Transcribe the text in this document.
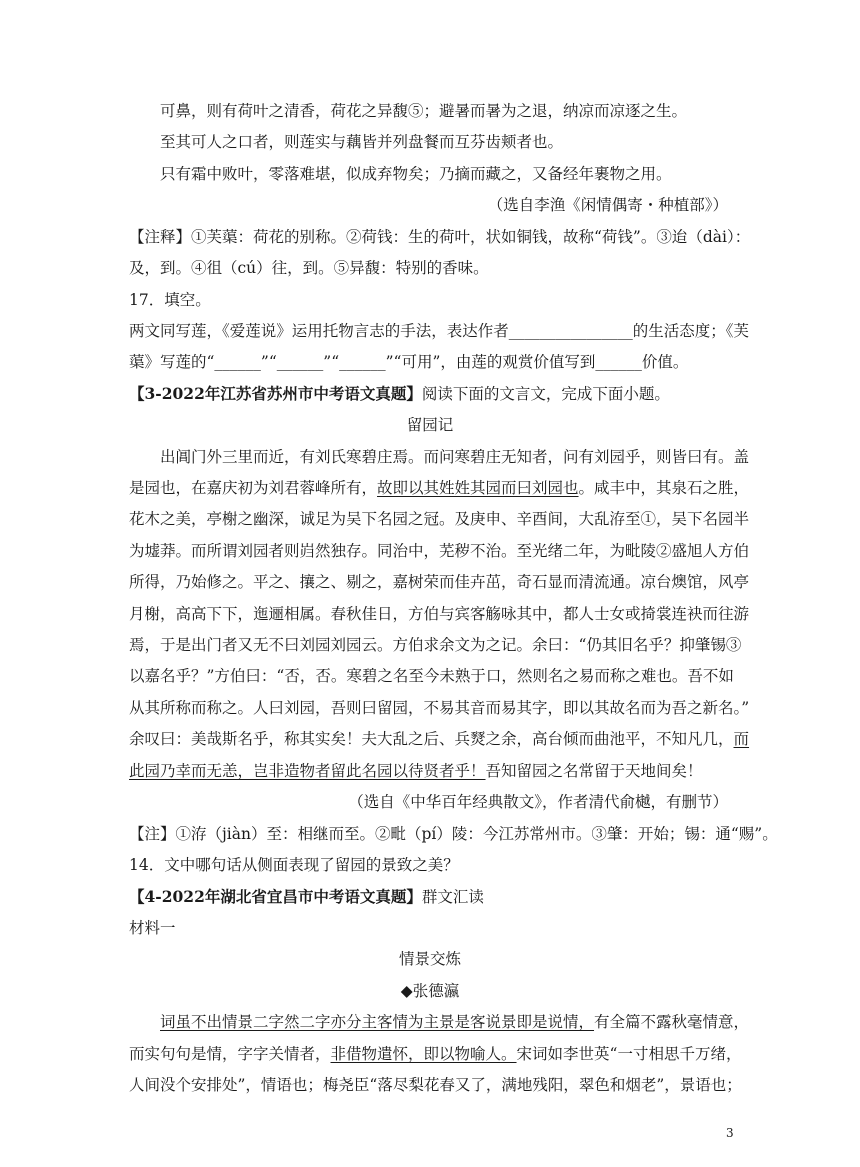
可鼻，则有荷叶之清香，荷花之异馥⑤；避暑而暑为之退，纳凉而凉逐之生。
至其可人之口者，则莲实与藕皆并列盘餐而互芬齿颊者也。
只有霜中败叶，零落难堪，似成弃物矣；乃摘而藏之，又备经年裹物之用。
（选自李渔《闲情偶寄・种植部》）
【注释】①芙蕖：荷花的别称。②荷钱：生的荷叶，状如铜钱，故称“荷钱”。③迨（dài）：
及，到。④徂（cú）往，到。⑤异馥：特别的香味。
17．填空。
两文同写莲，《爱莲说》运用托物言志的手法，表达作者________________的生活态度；《芙
蕖》写莲的“______”“______”“______”“可用”，由莲的观赏价值写到______价值。
【3-2022年江苏省苏州市中考语文真题】阅读下面的文言文，完成下面小题。
留园记
出阊门外三里而近，有刘氏寒碧庄焉。而问寒碧庄无知者，问有刘园乎，则皆曰有。盖
是园也，在嘉庆初为刘君蓉峰所有，故即以其姓姓其园而曰刘园也。咸丰中，其泉石之胜，
花木之美，亭榭之幽深，诚足为吴下名园之冠。及庚申、辛酉间，大乱洊至①，吴下名园半
为墟莽。而所谓刘园者则岿然独存。同治中，芜秽不治。至光绪二年，为毗陵②盛旭人方伯
所得，乃始修之。平之、攘之、剔之，嘉树荣而佳卉茁，奇石显而清流通。凉台燠馆，风亭
月榭，高高下下，迤逦相属。春秋佳日，方伯与宾客觞咏其中，都人士女或掎裳连袂而往游
焉，于是出门者又无不曰刘园刘园云。方伯求余文为之记。余曰：“仍其旧名乎？抑肇锡③
以嘉名乎？”方伯曰：“否，否。寒碧之名至今未熟于口，然则名之易而称之难也。吾不如
从其所称而称之。人曰刘园，吾则曰留园，不易其音而易其字，即以其故名而为吾之新名。”
余叹曰：美哉斯名乎，称其实矣！夫大乱之后、兵燹之余，高台倾而曲池平，不知凡几，而
此园乃幸而无恙，岂非造物者留此名园以待贤者乎！吾知留园之名常留于天地间矣！
（选自《中华百年经典散文》，作者清代俞樾，有删节）
【注】①洊（jiàn）至：相继而至。②毗（pí）陵：今江苏常州市。③肇：开始；锡：通“赐”。
14．文中哪句话从侧面表现了留园的景致之美？
【4-2022年湖北省宜昌市中考语文真题】群文汇读
材料一
情景交炼
◆张德瀛
词虽不出情景二字然二字亦分主客情为主景是客说景即是说情，有全篇不露秋毫情意，
而实句句是情，字字关情者，非借物遣怀，即以物喻人。宋词如李世英“一寸相思千万绪，
人间没个安排处”，情语也；梅尧臣“落尽梨花春又了，满地残阳，翠色和烟老”，景语也；
3
